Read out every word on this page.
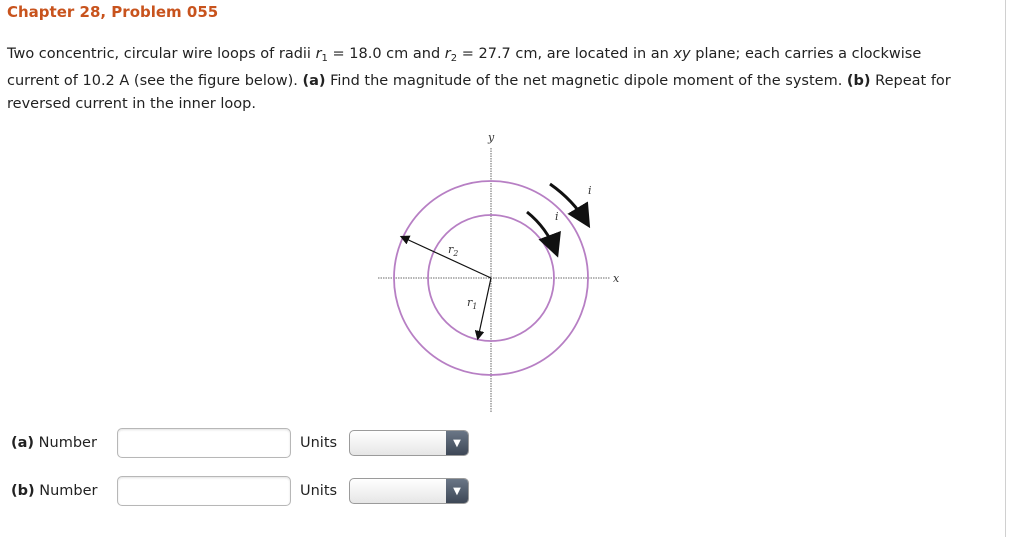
Chapter 28, Problem 055
Two concentric, circular wire loops of radii $r_1 = 18.0$ cm and $r_2 = 27.7$ cm, are located in an xy plane; each carries a clockwise current of 10.2 A (see the figure below). (a) Find the magnitude of the net magnetic dipole moment of the system. (b) Repeat for reversed current in the inner loop.
y
x
$r_2$
$r_1$
i
i
(a) Number	Units	▼
(b) Number	Units	▼
